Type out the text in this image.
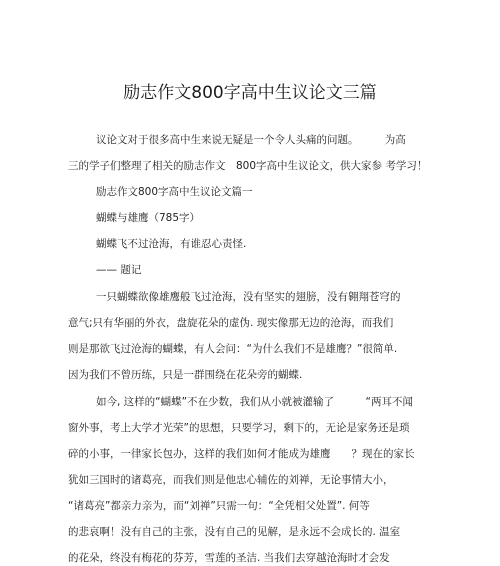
励志作文800字高中生议论文三篇
议论文对于很多高中生来说无疑是一个令人头痛的问题。　　　为高
三的学子们整理了相关的励志作文　800字高中生议论文，供大家参 考学习！
励志作文800字高中生议论文篇一
蝴蝶与雄鹰（785字）
蝴蝶飞不过沧海，有谁忍心责怪.
—— 题记
一只蝴蝶欲像雄鹰般飞过沧海，没有坚实的翅膀，没有翱翔苍穹的
意气;只有华丽的外衣，盘旋花朵的虚伪. 现实像那无边的沧海，而我们
则是那欲飞过沧海的蝴蝶，有人会问：“为什么我们不是雄鹰？”很简单.
因为我们不曾历练，只是一群围绕在花朵旁的蝴蝶.
如今, 这样的“蝴蝶”不在少数，我们从小就被灌输了　　　“两耳不闻
窗外事，考上大学才光荣”的思想，只要学习，剩下的，无论是家务还是琐
碎的小事，一律家长包办，这样的我们如何才能成为雄鹰　　？现在的家长
犹如三国时的诸葛亮，而我们则是他忠心辅佐的刘禅，无论事情大小，
“诸葛亮”都亲力亲为，而“刘禅”只需一句：“全凭相父处置”. 何等
的悲哀啊！没有自己的主张，没有自己的见解，是永远不会成长的. 温室
的花朵，终没有梅花的芬芳，雪莲的圣洁. 当我们去穿越沧海时才会发
